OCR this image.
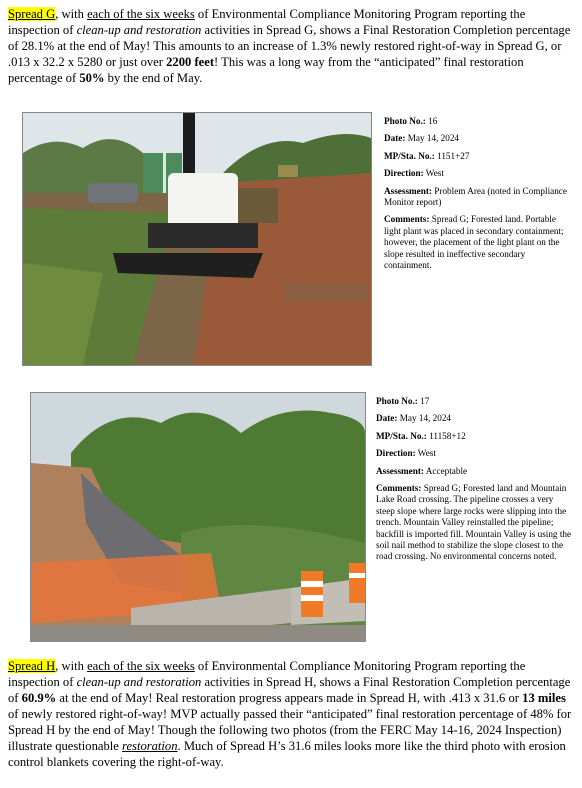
Spread G, with each of the six weeks of Environmental Compliance Monitoring Program reporting the inspection of clean-up and restoration activities in Spread G, shows a Final Restoration Completion percentage of 28.1% at the end of May! This amounts to an increase of 1.3% newly restored right-of-way in Spread G, or .013 x 32.2 x 5280 or just over 2200 feet! This was a long way from the “anticipated” final restoration percentage of 50% by the end of May.

Photo No.: 16
Date: May 14, 2024
MP/Sta. No.: 1151+27
Direction: West
Assessment: Problem Area (noted in Compliance Monitor report)
Comments: Spread G; Forested land. Portable light plant was placed in secondary containment; however, the placement of the light plant on the slope resulted in ineffective secondary containment.
Photo No.: 17
Date: May 14, 2024
MP/Sta. No.: 11158+12
Direction: West
Assessment: Acceptable
Comments: Spread G; Forested land and Mountain Lake Road crossing. The pipeline crosses a very steep slope where large rocks were slipping into the trench. Mountain Valley reinstalled the pipeline; backfill is imported fill. Mountain Valley is using the soil nail method to stabilize the slope closest to the road crossing. No environmental concerns noted.

Spread H, with each of the six weeks of Environmental Compliance Monitoring Program reporting the inspection of clean-up and restoration activities in Spread H, shows a Final Restoration Completion percentage of 60.9% at the end of May! Real restoration progress appears made in Spread H, with .413 x 31.6 or 13 miles of newly restored right-of-way! MVP actually passed their “anticipated” final restoration percentage of 48% for Spread H by the end of May! Though the following two photos (from the FERC May 14-16, 2024 Inspection) illustrate questionable restoration. Much of Spread H’s 31.6 miles looks more like the third photo with erosion control blankets covering the right-of-way.
